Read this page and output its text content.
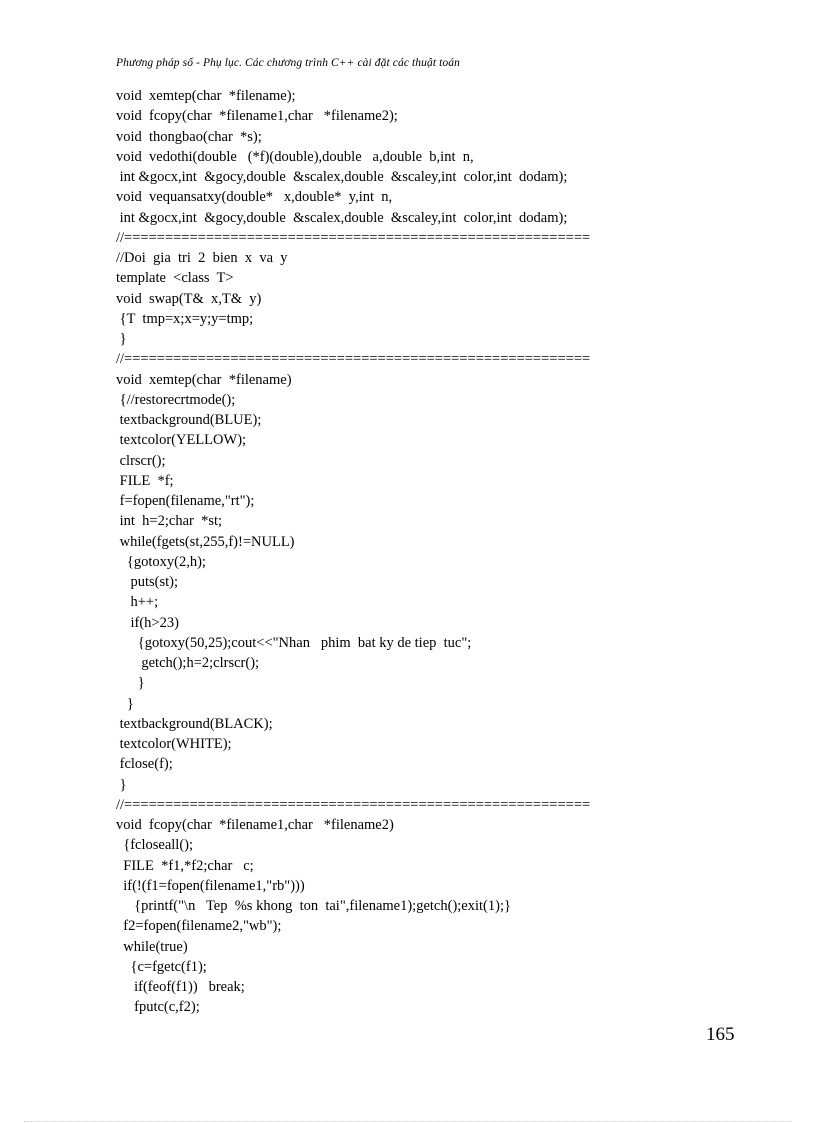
Phương pháp số - Phụ lục. Các chương trình C++ cài đặt các thuật toán
void  xemtep(char  *filename);
void  fcopy(char  *filename1,char   *filename2);
void  thongbao(char  *s);
void  vedothi(double   (*f)(double),double   a,double  b,int  n,
int &gocx,int  &gocy,double  &scalex,double  &scaley,int  color,int  dodam);
void  vequansatxy(double*   x,double*  y,int  n,
int &gocx,int  &gocy,double  &scalex,double  &scaley,int  color,int  dodam);
//=========================================================
//Doi  gia  tri  2  bien  x  va  y
template  <class  T>
void  swap(T&  x,T&  y)
{T  tmp=x;x=y;y=tmp;
}
//=========================================================
void  xemtep(char  *filename)
{//restorecrtmode();
textbackground(BLUE);
textcolor(YELLOW);
clrscr();
FILE  *f;
f=fopen(filename,"rt");
int  h=2;char  *st;
while(fgets(st,255,f)!=NULL)
{gotoxy(2,h);
puts(st);
h++;
if(h>23)
{gotoxy(50,25);cout<<"Nhan   phim  bat ky de tiep  tuc";
getch();h=2;clrscr();
}
}
textbackground(BLACK);
textcolor(WHITE);
fclose(f);
}
//=========================================================
void  fcopy(char  *filename1,char   *filename2)
{fcloseall();
FILE  *f1,*f2;char   c;
if(!(f1=fopen(filename1,"rb")))
{printf("\n   Tep  %s khong  ton  tai",filename1);getch();exit(1);}
f2=fopen(filename2,"wb");
while(true)
{c=fgetc(f1);
if(feof(f1))   break;
fputc(c,f2);
165
